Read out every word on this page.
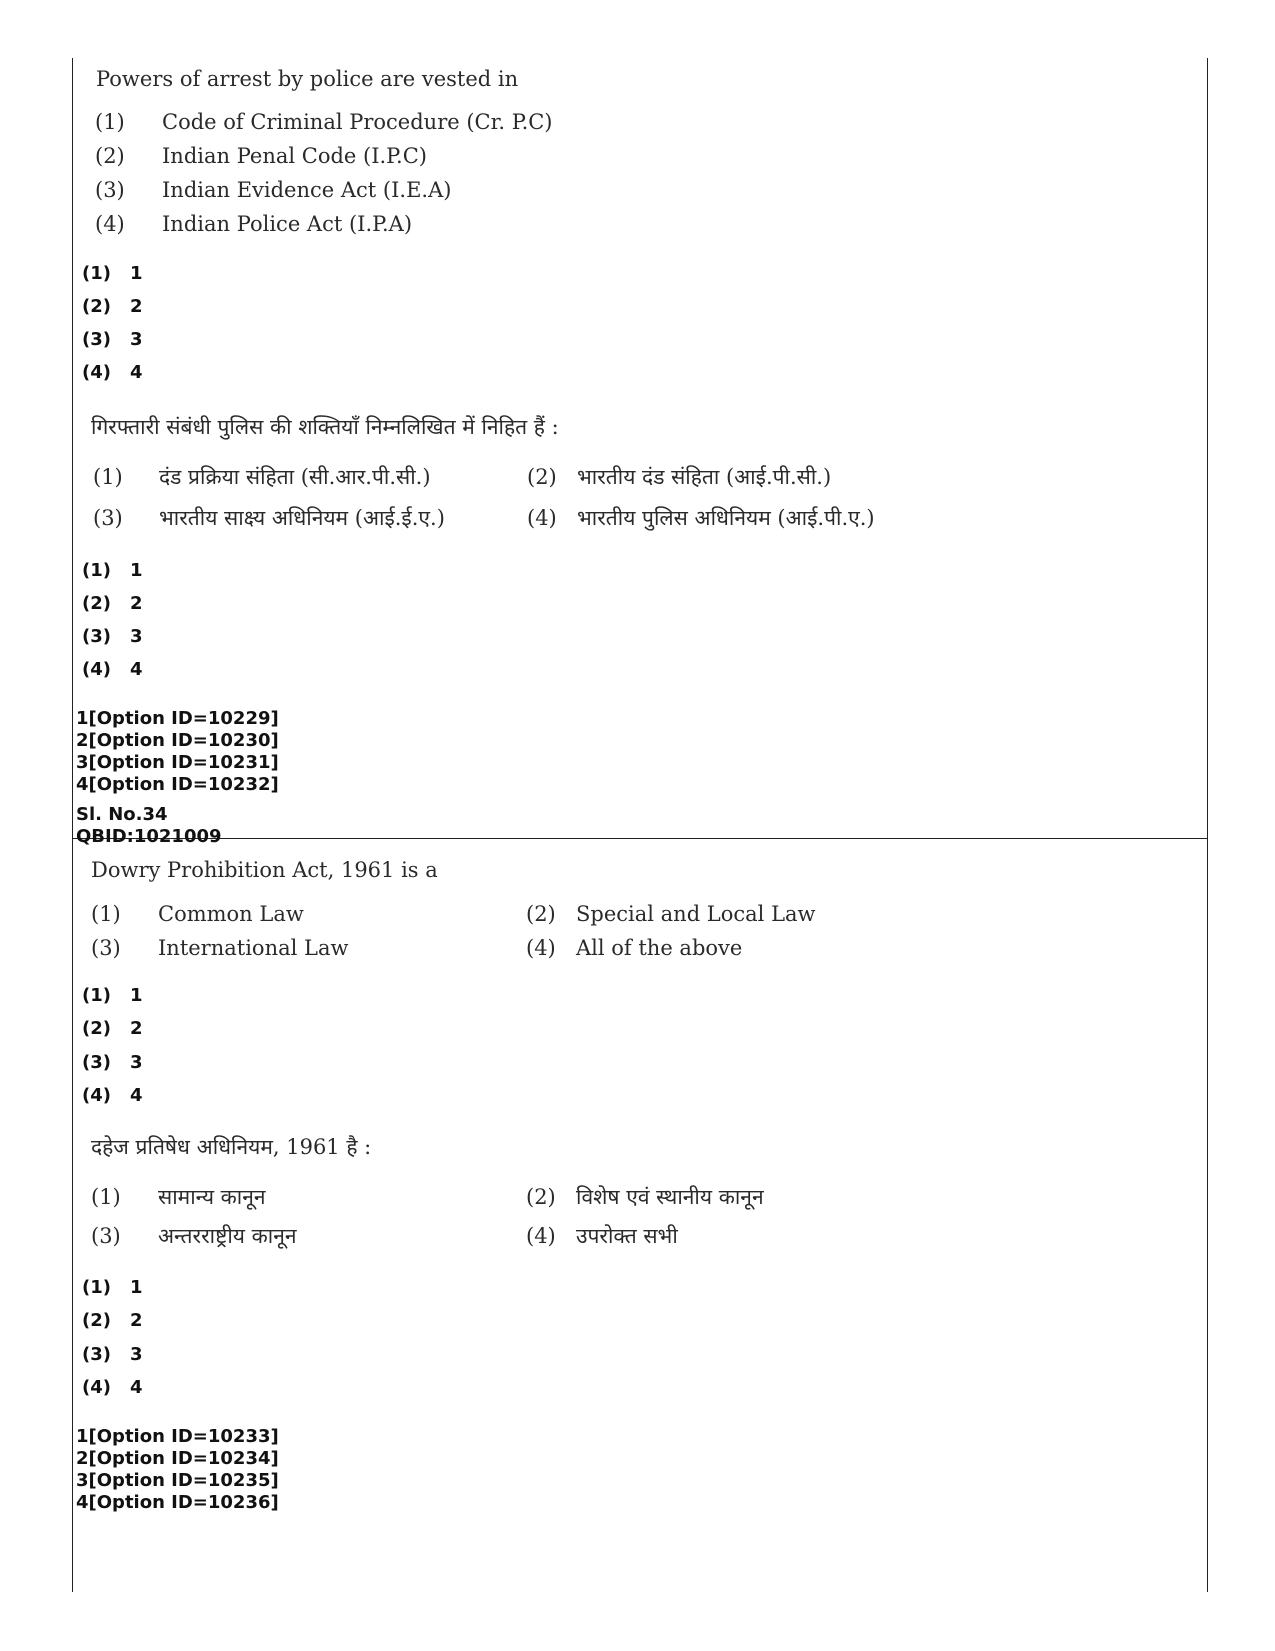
Powers of arrest by police are vested in
(1) Code of Criminal Procedure (Cr. P.C)
(2) Indian Penal Code (I.P.C)
(3) Indian Evidence Act (I.E.A)
(4) Indian Police Act (I.P.A)
(1) 1
(2) 2
(3) 3
(4) 4
गिरफ्तारी संबंधी पुलिस की शक्तियाँ निम्नलिखित में निहित हैं :
(1) दंड प्रक्रिया संहिता (सी.आर.पी.सी.)	(2) भारतीय दंड संहिता (आई.पी.सी.)
(3) भारतीय साक्ष्य अधिनियम (आई.ई.ए.)	(4) भारतीय पुलिस अधिनियम (आई.पी.ए.)
(1) 1
(2) 2
(3) 3
(4) 4
1[Option ID=10229]
2[Option ID=10230]
3[Option ID=10231]
4[Option ID=10232]
Sl. No.34
QBID:1021009
Dowry Prohibition Act, 1961 is a
(1) Common Law	(2) Special and Local Law
(3) International Law	(4) All of the above
(1) 1
(2) 2
(3) 3
(4) 4
दहेज प्रतिषेध अधिनियम, 1961 है :
(1) सामान्य कानून	(2) विशेष एवं स्थानीय कानून
(3) अन्तरराष्ट्रीय कानून	(4) उपरोक्त सभी
(1) 1
(2) 2
(3) 3
(4) 4
1[Option ID=10233]
2[Option ID=10234]
3[Option ID=10235]
4[Option ID=10236]
